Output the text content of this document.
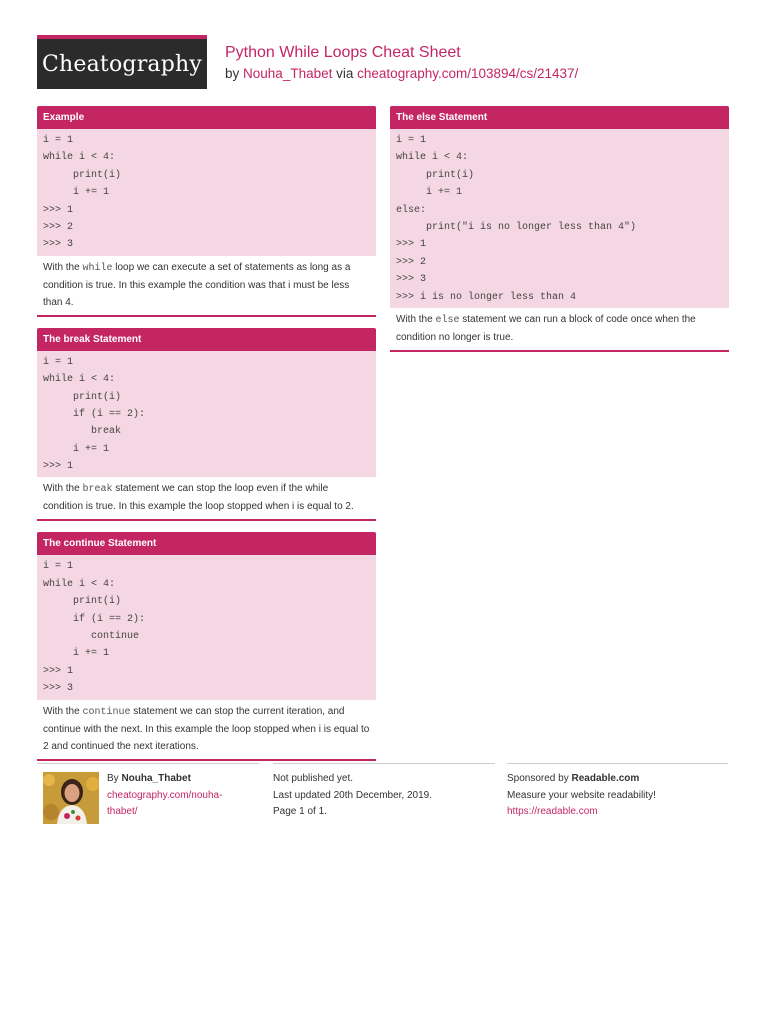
Cheatography Python While Loops Cheat Sheet
by Nouha_Thabet via cheatography.com/103894/cs/21437/
Example
i = 1
while i < 4:
print(i)
i += 1
>>> 1
>>> 2
>>> 3
With the while loop we can execute a set of statements as long as a condition is true. In this example the condition was that i must be less than 4.
The break Statement
i = 1
while i < 4:
print(i)
if (i == 2):
break
i += 1
>>> 1
With the break statement we can stop the loop even if the while condition is true. In this example the loop stopped when i is equal to 2.
The continue Statement
i = 1
while i < 4:
print(i)
if (i == 2):
continue
i += 1
>>> 1
>>> 3
With the continue statement we can stop the current iteration, and continue with the next. In this example the loop stopped when i is equal to 2 and continued the next iterations.
The else Statement
i = 1
while i < 4:
print(i)
i += 1
else:
print("i is no longer less than 4")
>>> 1
>>> 2
>>> 3
>>> i is no longer less than 4
With the else statement we can run a block of code once when the condition no longer is true.
By Nouha_Thabet
cheatography.com/nouha-
thabet/
Not published yet.
Last updated 20th December, 2019.
Page 1 of 1.
Sponsored by Readable.com
Measure your website readability!
https://readable.com
